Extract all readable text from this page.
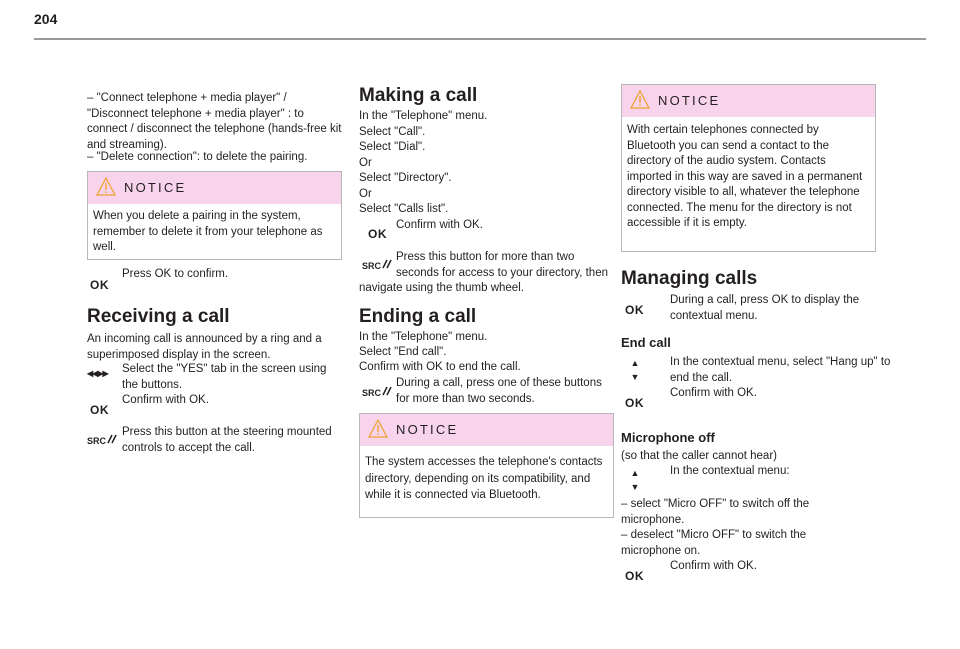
204
– "Connect telephone + media player" / "Disconnect telephone + media player" : to connect / disconnect the telephone (hands-free kit and streaming).
– "Delete connection": to delete the pairing.
NOTICE
When you delete a pairing in the system, remember to delete it from your telephone as well.
OK
Press OK to confirm.
Receiving a call
An incoming call is announced by a ring and a superimposed display in the screen.
◀◀▶▶ Select the "YES" tab in the screen using the buttons.
OK
Confirm with OK.
SRC
Press this button at the steering mounted controls to accept the call.
Making a call
In the "Telephone" menu.
Select "Call".
Select "Dial".
Or
Select "Directory".
Or
Select "Calls list".
OK
Confirm with OK.
SRC
Press this button for more than two seconds for access to your directory, then
navigate using the thumb wheel.
Ending a call
In the "Telephone" menu.
Select "End call".
Confirm with OK to end the call.
SRC
During a call, press one of these buttons for more than two seconds.
NOTICE
The system accesses the telephone's contacts directory, depending on its compatibility, and while it is connected via Bluetooth.
NOTICE
With certain telephones connected by Bluetooth you can send a contact to the directory of the audio system. Contacts imported in this way are saved in a permanent directory visible to all, whatever the telephone connected. The menu for the directory is not accessible if it is empty.
Managing calls
OK
During a call, press OK to display the contextual menu.
End call
▲
▼
In the contextual menu, select "Hang up" to end the call.
OK
Confirm with OK.
Microphone off
(so that the caller cannot hear)
▲
▼
In the contextual menu:
– select "Micro OFF" to switch off the microphone.
– deselect "Micro OFF" to switch the microphone on.
OK
Confirm with OK.
